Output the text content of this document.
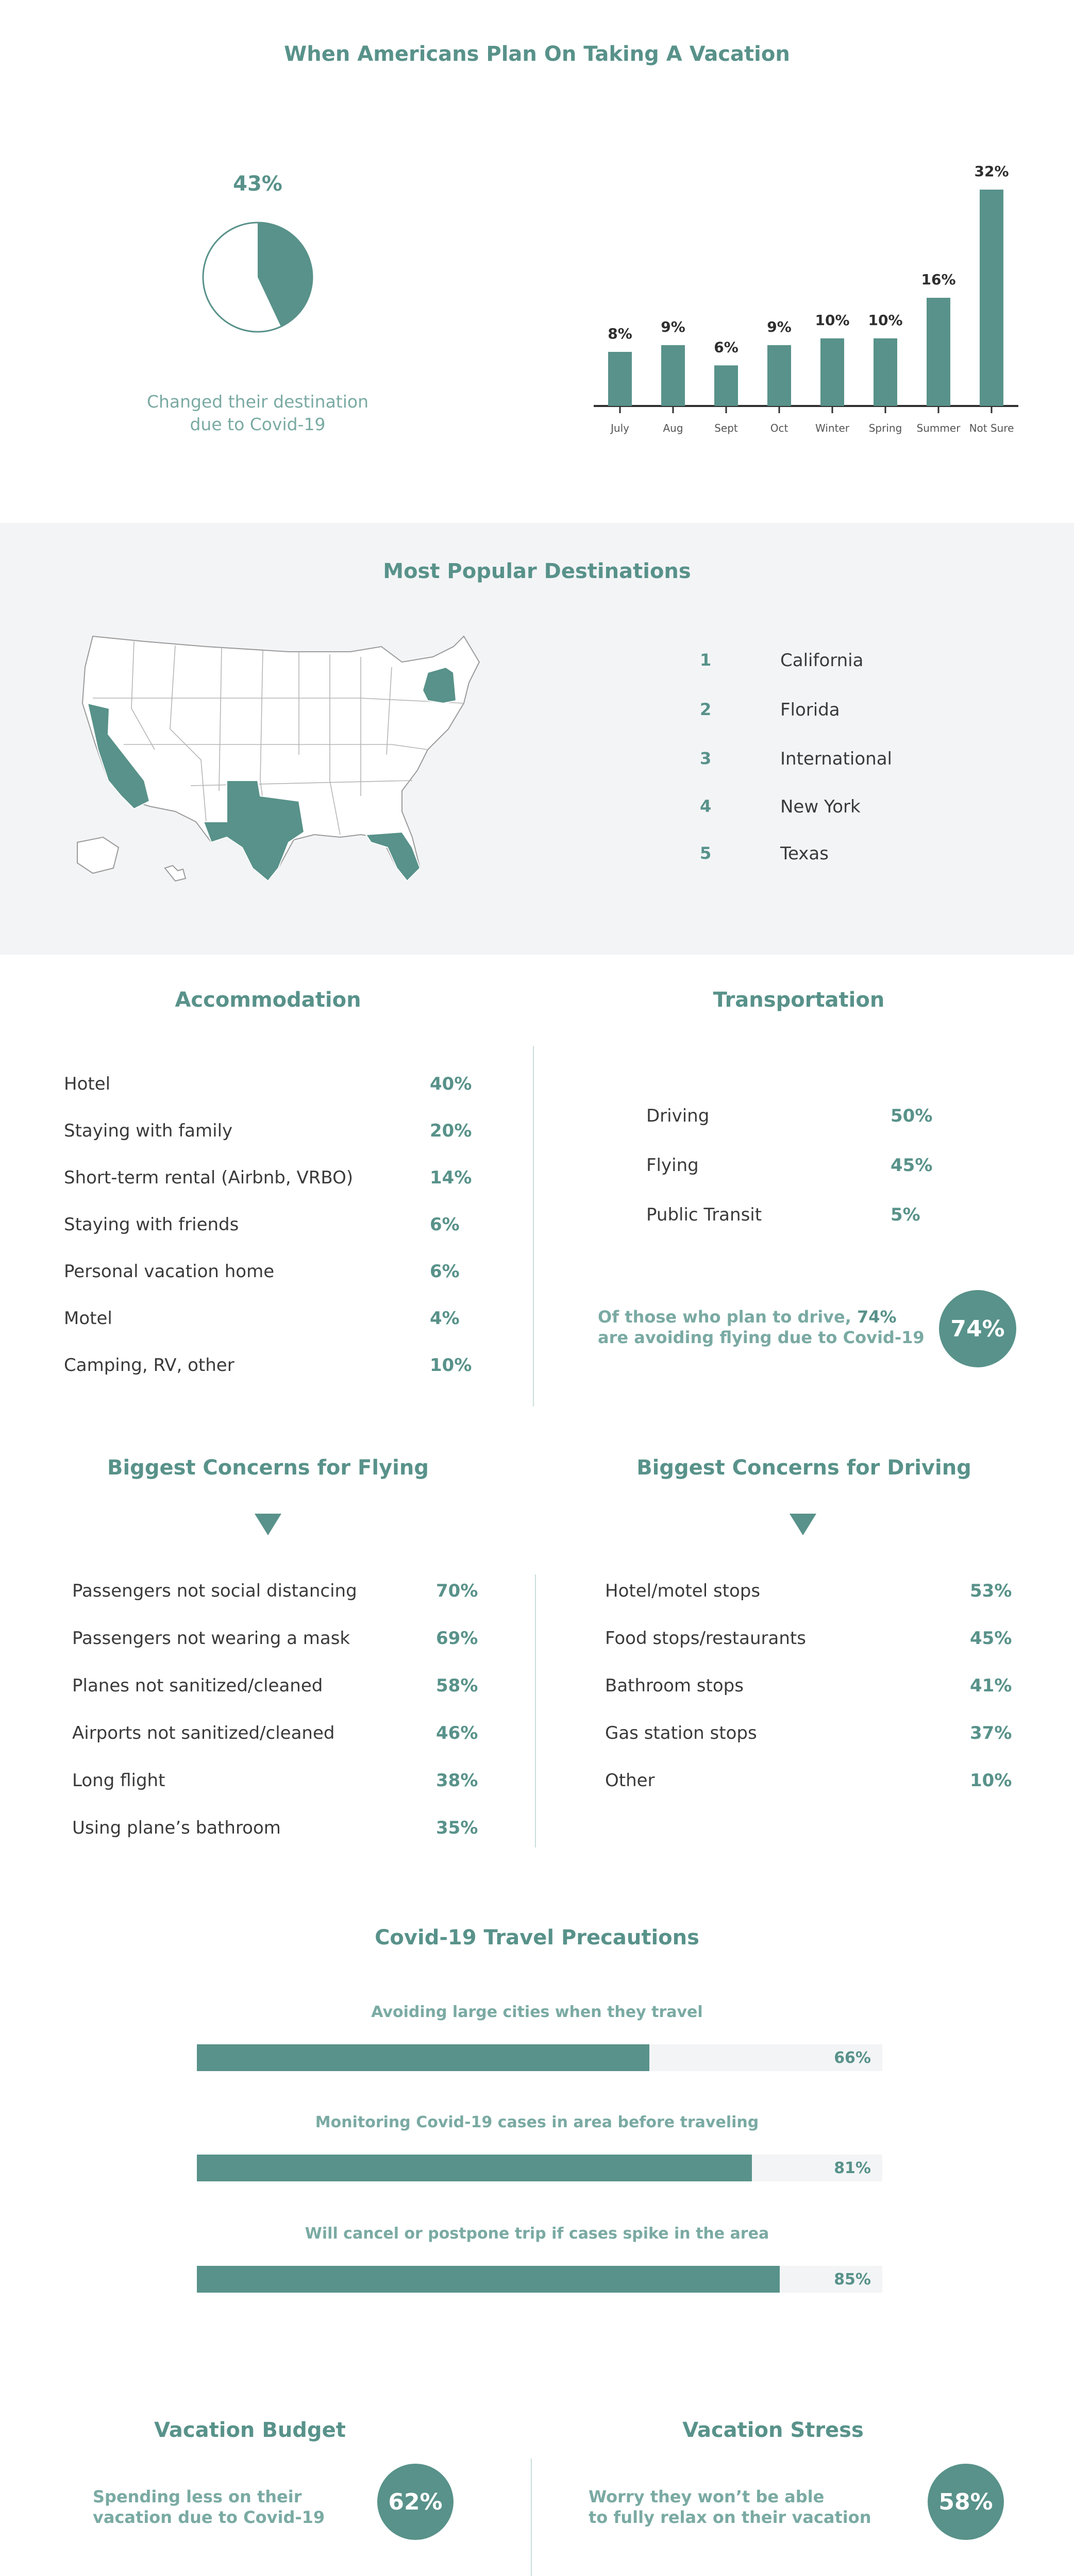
When Americans Plan On Taking A Vacation
43%
Changed their destination
due to Covid-19
8%
July
9%
Aug
6%
Sept
9%
Oct
10%
Winter
10%
Spring
16%
Summer
32%
Not Sure
Most Popular Destinations
1	California
2	Florida
3	International
4	New York
5	Texas
Accommodation	Transportation
Hotel	40%
Staying with family	20%
Short-term rental (Airbnb, VRBO)	14%
Staying with friends	6%
Personal vacation home	6%
Motel	4%
Camping, RV, other	10%
Driving	50%
Flying	45%
Public Transit	5%
Of those who plan to drive, 74%
are avoiding flying due to Covid-19	74%
Biggest Concerns for Flying	Biggest Concerns for Driving
Passengers not social distancing	70%
Passengers not wearing a mask	69%
Planes not sanitized/cleaned	58%
Airports not sanitized/cleaned	46%
Long flight	38%
Using plane’s bathroom	35%
Hotel/motel stops	53%
Food stops/restaurants	45%
Bathroom stops	41%
Gas station stops	37%
Other	10%
Covid-19 Travel Precautions
Avoiding large cities when they travel
66%
Monitoring Covid-19 cases in area before traveling
81%
Will cancel or postpone trip if cases spike in the area
85%
Vacation Budget	Vacation Stress
Spending less on their
vacation due to Covid-19
62%	Worry they won’t be able
to fully relax on their vacation
58%
